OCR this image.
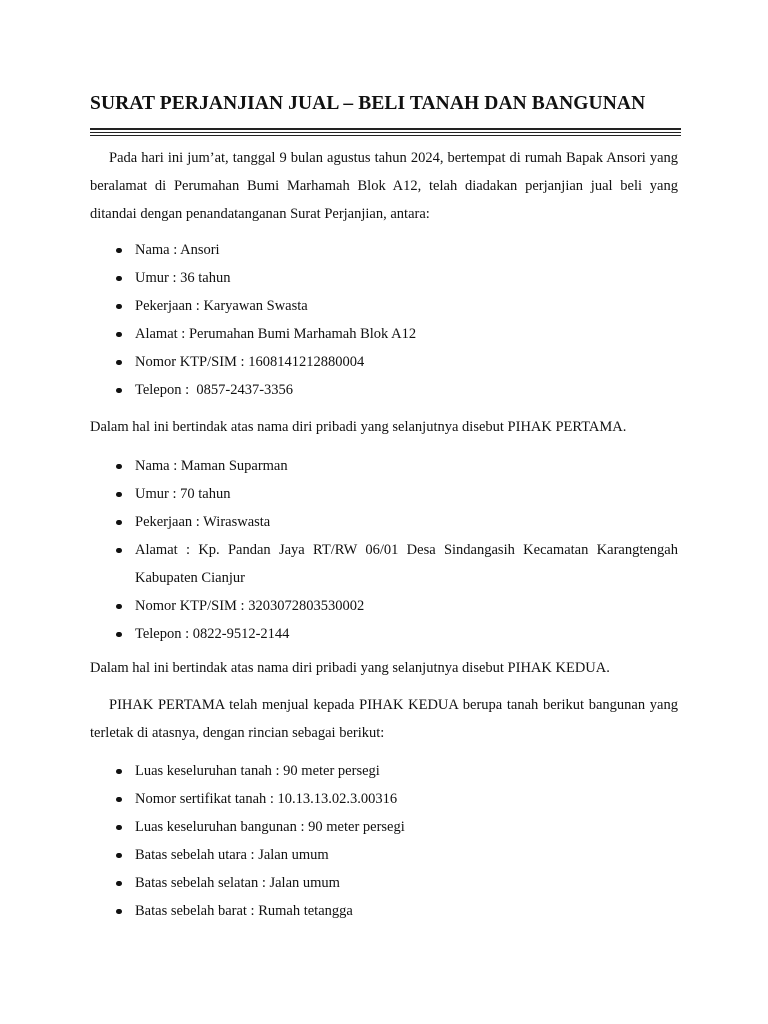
SURAT PERJANJIAN JUAL – BELI TANAH DAN BANGUNAN

Pada hari ini jum’at, tanggal 9 bulan agustus tahun 2024, bertempat di rumah Bapak Ansori yang beralamat di Perumahan Bumi Marhamah Blok A12, telah diadakan perjanjian jual beli yang ditandai dengan penandatanganan Surat Perjanjian, antara:

Nama : Ansori
Umur : 36 tahun
Pekerjaan : Karyawan Swasta
Alamat : Perumahan Bumi Marhamah Blok A12
Nomor KTP/SIM : 1608141212880004
Telepon :  0857-2437-3356

Dalam hal ini bertindak atas nama diri pribadi yang selanjutnya disebut PIHAK PERTAMA.

Nama : Maman Suparman
Umur : 70 tahun
Pekerjaan : Wiraswasta
Alamat : Kp. Pandan Jaya RT/RW 06/01 Desa Sindangasih Kecamatan Karangtengah Kabupaten Cianjur
Nomor KTP/SIM : 3203072803530002
Telepon : 0822-9512-2144

Dalam hal ini bertindak atas nama diri pribadi yang selanjutnya disebut PIHAK KEDUA.

PIHAK PERTAMA telah menjual kepada PIHAK KEDUA berupa tanah berikut bangunan yang terletak di atasnya, dengan rincian sebagai berikut:

Luas keseluruhan tanah : 90 meter persegi
Nomor sertifikat tanah : 10.13.13.02.3.00316
Luas keseluruhan bangunan : 90 meter persegi
Batas sebelah utara : Jalan umum
Batas sebelah selatan : Jalan umum
Batas sebelah barat : Rumah tetangga
